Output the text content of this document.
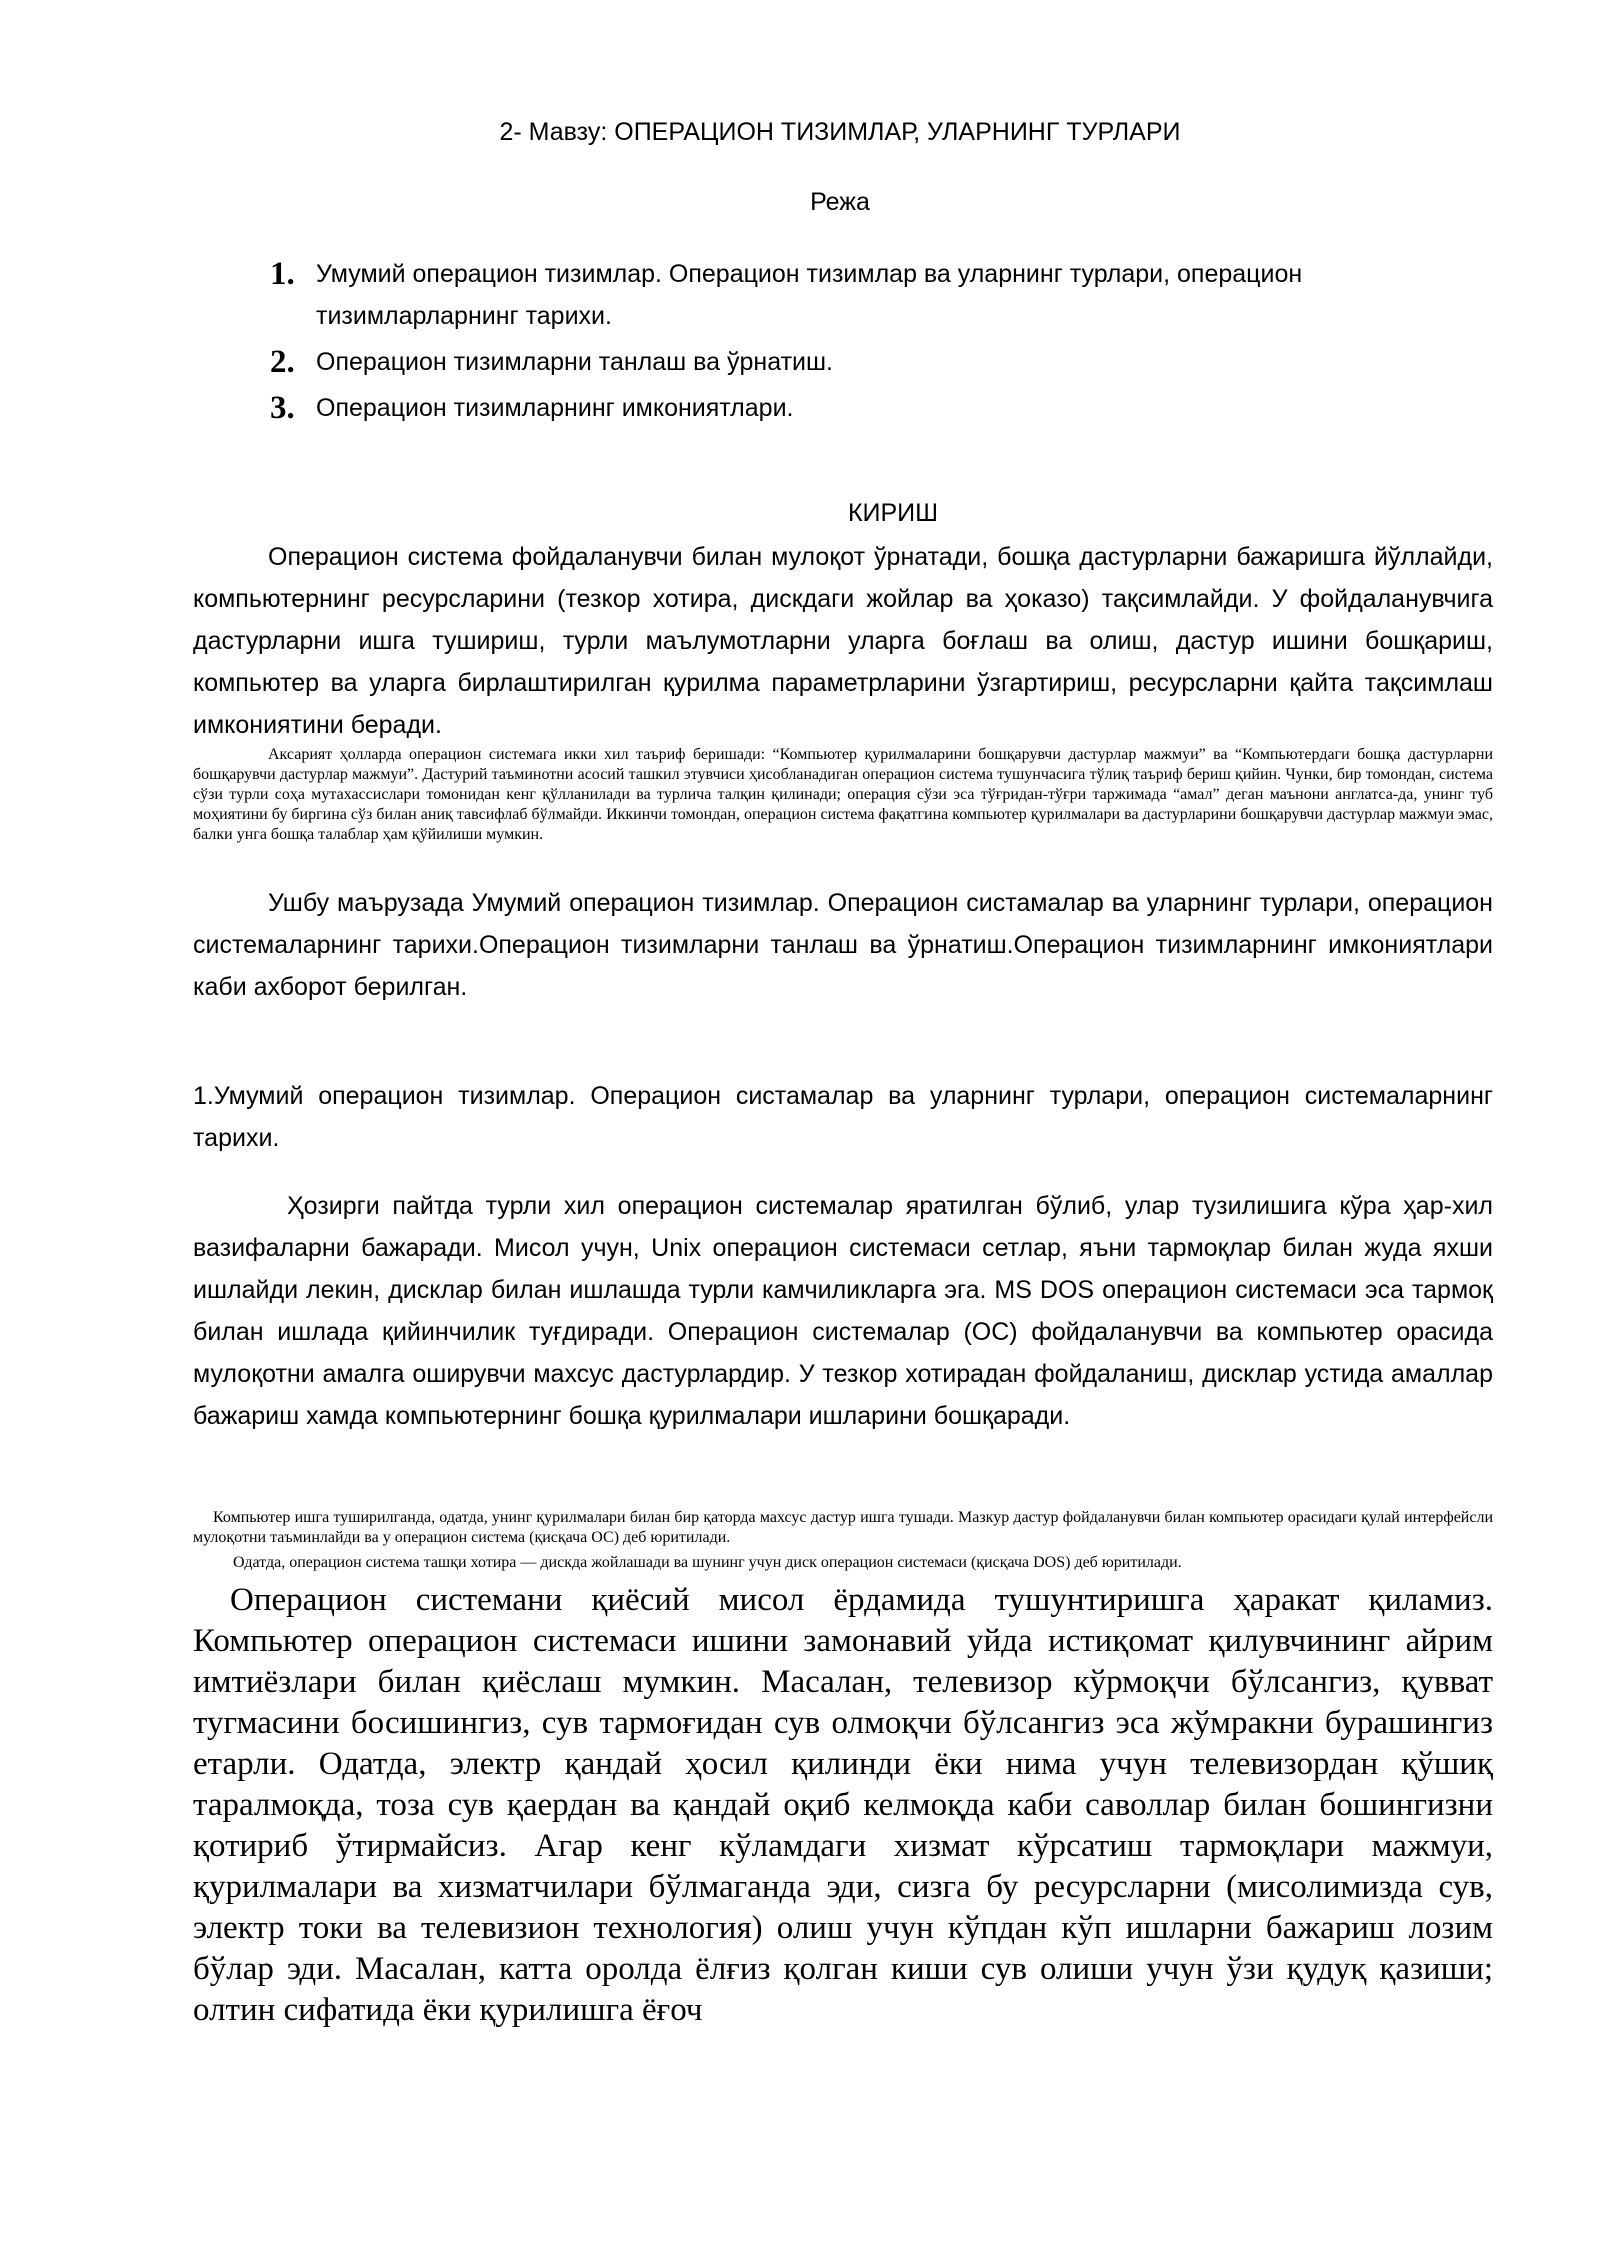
2- Мавзу: ОПЕРАЦИОН ТИЗИМЛАР, УЛАРНИНГ ТУРЛАРИ
Режа
1. Умумий операцион тизимлар. Операцион тизимлар ва уларнинг турлари, операцион тизимларларнинг тарихи.
2. Операцион тизимларни танлаш ва ўрнатиш.
3. Операцион тизимларнинг имкониятлари.
КИРИШ

Операцион система фойдаланувчи билан мулоқот ўрнатади, бошқа дастурларни бажаришга йўллайди, компьютернинг ресурсларини (тезкор хотира, дискдаги жойлар ва ҳоказо) тақсимлайди. У фойдаланувчига дастурларни ишга тушириш, турли маълумотларни уларга боғлаш ва олиш, дастур ишини бошқариш, компьютер ва уларга бирлаштирилган қурилма параметрларини ўзгартириш, ресурсларни қайта тақсимлаш имкониятини беради.

Аксарият ҳолларда операцион системага икки хил таъриф беришади: “Компьютер қурилмаларини бошқарувчи дастурлар мажмуи” ва “Компьютердаги бошқа дастурларни бошқарувчи дастурлар мажмуи”. Дастурий таъминотни асосий ташкил этувчиси ҳисобланадиган операцион система тушунчасига тўлиқ таъриф бериш қийин. Чунки, бир томондан, система сўзи турли соҳа мутахассислари томонидан кенг қўлланилади ва турлича талқин қилинади; операция сўзи эса тўғридан-тўғри таржимада “амал” деган маънони англатса-да, унинг туб моҳиятини бу биргина сўз билан аниқ тавсифлаб бўлмайди. Иккинчи томондан, операцион система фақатгина компьютер қурилмалари ва дастурларини бошқарувчи дастурлар мажмуи эмас, балки унга бошқа талаблар ҳам қўйилиши мумкин.

Ушбу маърузада Умумий операцион тизимлар. Операцион систамалар ва уларнинг турлари, операцион системаларнинг тарихи.Операцион тизимларни танлаш ва ўрнатиш.Операцион тизимларнинг имкониятлари каби ахборот берилган.

1.Умумий операцион тизимлар. Операцион систамалар ва уларнинг турлари, операцион системаларнинг тарихи.

Ҳозирги пайтда турли хил операцион системалар яратилган бўлиб, улар тузилишига кўра ҳар-хил вазифаларни бажаради. Мисол учун, Unix операцион системаси сетлар, яъни тармоқлар билан жуда яхши ишлайди лекин, дисклар билан ишлашда турли камчиликларга эга. MS DOS операцион системаси эса тармоқ билан ишлада қийинчилик туғдиради. Операцион системалар (ОС) фойдаланувчи ва компьютер орасида мулоқотни амалга оширувчи махсус дастурлардир. У тезкор хотирадан фойдаланиш, дисклар устида амаллар бажариш хамда компьютернинг бошқа қурилмалари ишларини бошқаради.

Компьютер ишга туширилганда, одатда, унинг қурилмалари билан бир қаторда махсус дастур ишга тушади. Мазкур дастур фойдаланувчи билан компьютер орасидаги қулай интерфейсли мулоқотни таъминлайди ва у операцион система (қисқача ОС) деб юритилади.

Одатда, операцион система ташқи хотира — дискда жойлашади ва шунинг учун диск операцион системаси (қисқача DOS) деб юритилади.

Операцион системани қиёсий мисол ёрдамида тушунтиришга ҳаракат қиламиз. Компьютер операцион системаси ишини замонавий уйда истиқомат қилувчининг айрим имтиёзлари билан қиёслаш мумкин. Масалан, телевизор кўрмоқчи бўлсангиз, қувват тугмасини босишингиз, сув тармоғидан сув олмоқчи бўлсангиз эса жўмракни бурашингиз етарли. Одатда, электр қандай ҳосил қилинди ёки нима учун телевизордан қўшиқ таралмоқда, тоза сув қаердан ва қандай оқиб келмоқда каби саволлар билан бошингизни қотириб ўтирмайсиз. Агар кенг кўламдаги хизмат кўрсатиш тармоқлари мажмуи, қурилмалари ва хизматчилари бўлмаганда эди, сизга бу ресурсларни (мисолимизда сув, электр токи ва телевизион технология) олиш учун кўпдан кўп ишларни бажариш лозим бўлар эди. Масалан, катта оролда ёлғиз қолган киши сув олиши учун ўзи қудуқ қазиши; олтин сифатида ёки қурилишга ёғоч
